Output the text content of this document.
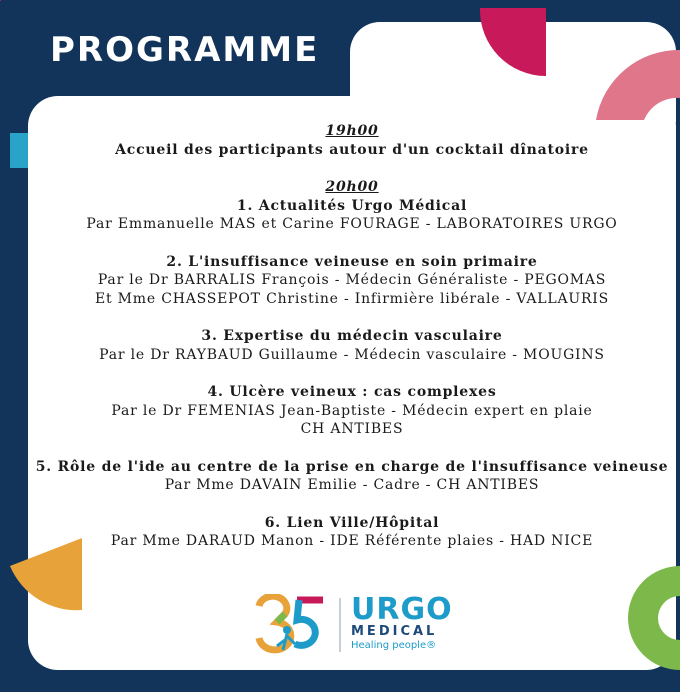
PROGRAMME
19h00
Accueil des participants autour d'un cocktail dînatoire
20h00
1. Actualités Urgo Médical
Par Emmanuelle MAS et Carine FOURAGE - LABORATOIRES URGO
2. L'insuffisance veineuse en soin primaire
Par le Dr BARRALIS François - Médecin Généraliste - PEGOMAS
Et Mme CHASSEPOT Christine - Infirmière libérale - VALLAURIS
3. Expertise du médecin vasculaire
Par le Dr RAYBAUD Guillaume - Médecin vasculaire - MOUGINS
4. Ulcère veineux : cas complexes
Par le Dr FEMENIAS Jean-Baptiste - Médecin expert en plaie
CH ANTIBES
5. Rôle de l'ide au centre de la prise en charge de l'insuffisance veineuse
Par Mme DAVAIN Emilie - Cadre - CH ANTIBES
6. Lien Ville/Hôpital
Par Mme DARAUD Manon - IDE Référente plaies - HAD NICE
URGO
MEDICAL
Healing people®
